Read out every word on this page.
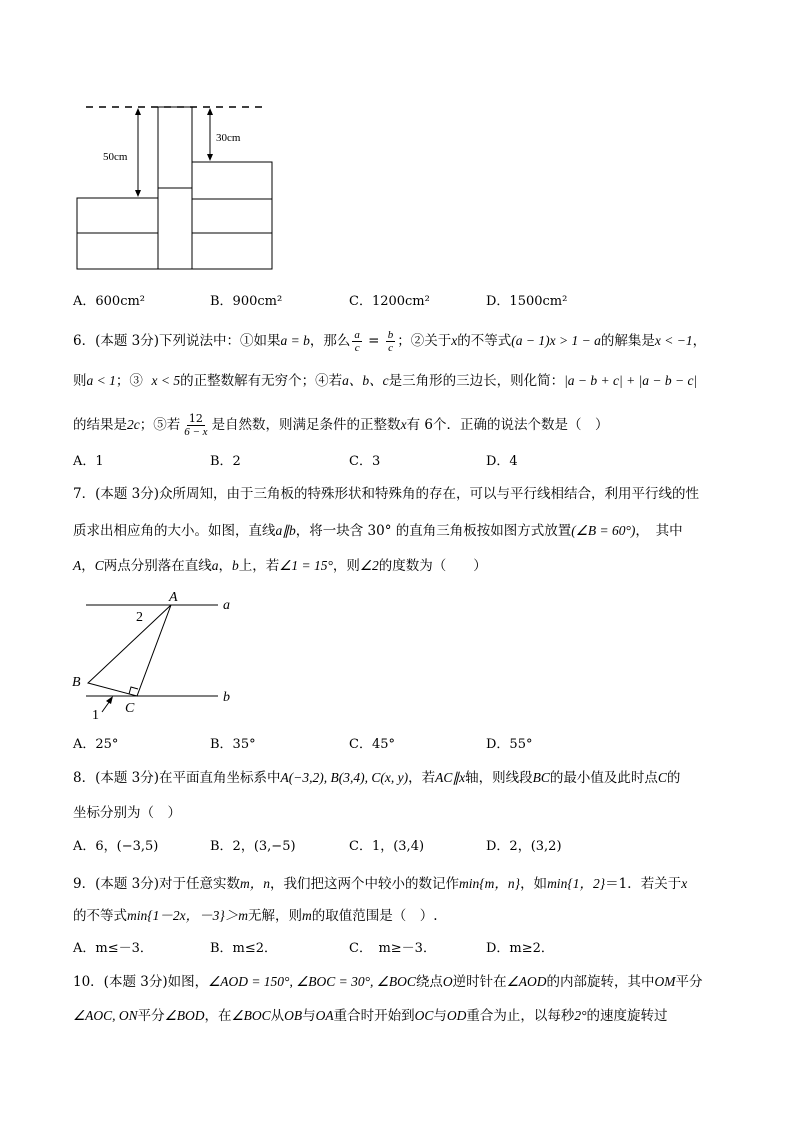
50cm
30cm
A．600cm²	B．900cm²	C．1200cm²	D．1500cm²
6．(本题 3分)下列说法中：①如果a = b，那么 $\frac{a}{c} = \frac{b}{c}$ ；②关于x的不等式(a − 1)x > 1 − a的解集是x < −1，
则a < 1；③ x < 5的正整数解有无穷个；④若a、b、c是三角形的三边长，则化简：|a − b + c| + |a − b − c|
的结果是2c；⑤若 $\frac{12}{6 - x}$ 是自然数，则满足条件的正整数x有 6个．正确的说法个数是（　）
A．1	B．2	C．3	D．4
7．(本题 3分)众所周知，由于三角板的特殊形状和特殊角的存在，可以与平行线相结合，利用平行线的性
质求出相应角的大小。如图，直线a∥b，将一块含 30° 的直角三角板按如图方式放置(∠B = 60°)，　其中
A，C两点分别落在直线a，b上，若∠1 = 15°，则∠2的度数为（　　）
A
B
C
a
b
1
2
A．25°	B．35°	C．45°	D．55°
8．(本题 3分)在平面直角坐标系中A(−3,2), B(3,4), C(x, y)，若AC∥x轴，则线段BC的最小值及此时点C的
坐标分别为（　）
A．6，(−3,5)	B．2，(3,−5)	C．1，(3,4)	D．2，(3,2)
9．(本题 3分)对于任意实数m，n，我们把这两个中较小的数记作min{m，n}，如min{1，2}＝1．若关于x
的不等式min{1－2x，－3}＞m无解，则m的取值范围是（　）.
A．m≤－3．	B．m≤2．	C．　m≥－3．	D．m≥2．
10．(本题 3分)如图，∠AOD = 150°, ∠BOC = 30°, ∠BOC绕点O逆时针在∠AOD的内部旋转，其中OM平分
∠AOC, ON平分∠BOD，在∠BOC从OB与OA重合时开始到OC与OD重合为止，以每秒2°的速度旋转过
